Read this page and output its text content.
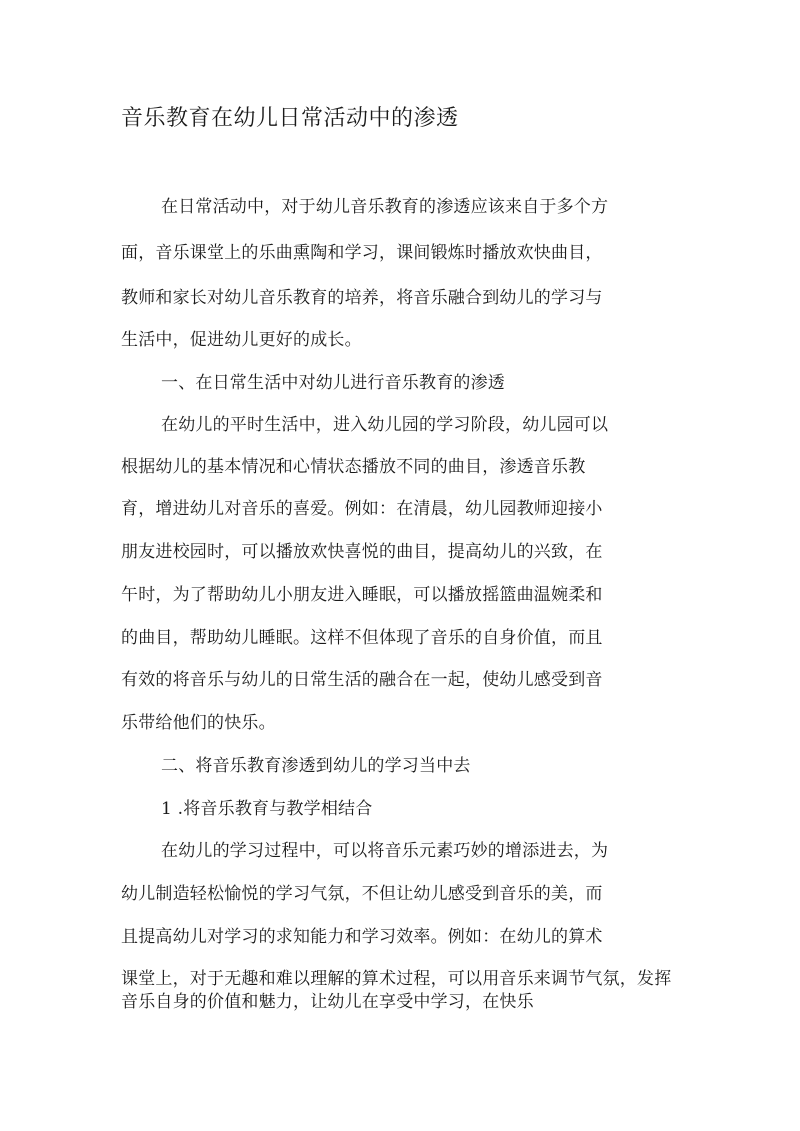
音乐教育在幼儿日常活动中的渗透
在日常活动中，对于幼儿音乐教育的渗透应该来自于多个方
面，音乐课堂上的乐曲熏陶和学习，课间锻炼时播放欢快曲目，
教师和家长对幼儿音乐教育的培养，将音乐融合到幼儿的学习与
生活中，促进幼儿更好的成长。
一、在日常生活中对幼儿进行音乐教育的渗透
在幼儿的平时生活中，进入幼儿园的学习阶段，幼儿园可以
根据幼儿的基本情况和心情状态播放不同的曲目，渗透音乐教
育，增进幼儿对音乐的喜爱。例如：在清晨，幼儿园教师迎接小
朋友进校园时，可以播放欢快喜悦的曲目，提高幼儿的兴致，在
午时，为了帮助幼儿小朋友进入睡眠，可以播放摇篮曲温婉柔和
的曲目，帮助幼儿睡眠。这样不但体现了音乐的自身价值，而且
有效的将音乐与幼儿的日常生活的融合在一起，使幼儿感受到音
乐带给他们的快乐。
二、将音乐教育渗透到幼儿的学习当中去
1 .将音乐教育与教学相结合
在幼儿的学习过程中，可以将音乐元素巧妙的增添进去，为
幼儿制造轻松愉悦的学习气氛，不但让幼儿感受到音乐的美，而
且提高幼儿对学习的求知能力和学习效率。例如：在幼儿的算术
课堂上，对于无趣和难以理解的算术过程，可以用音乐来调节气氛，发挥
音乐自身的价值和魅力，让幼儿在享受中学习，在快乐
